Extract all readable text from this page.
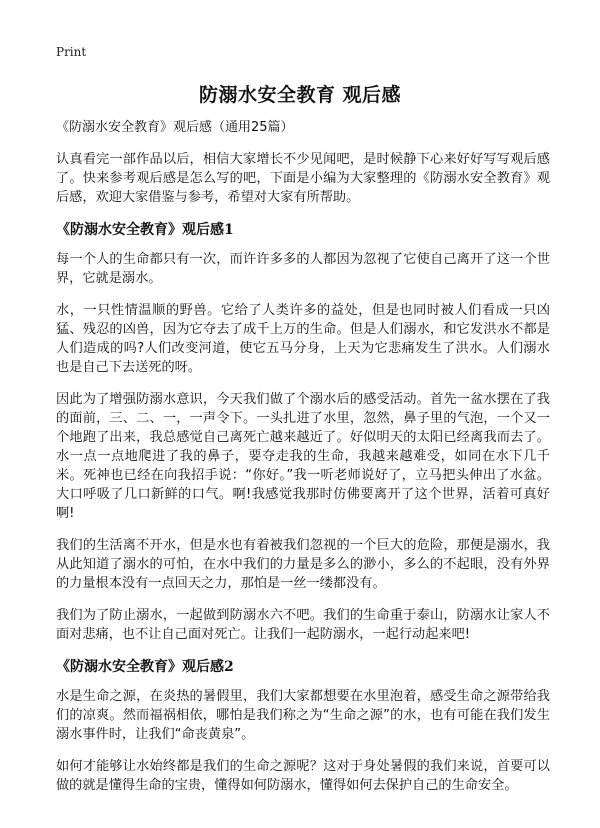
Print
防溺水安全教育 观后感
《防溺水安全教育》观后感（通用25篇）

认真看完一部作品以后，相信大家增长不少见闻吧，是时候静下心来好好写写观后感了。快来参考观后感是怎么写的吧，下面是小编为大家整理的《防溺水安全教育》观后感，欢迎大家借鉴与参考，希望对大家有所帮助。

《防溺水安全教育》观后感1

每一个人的生命都只有一次，而许许多多的人都因为忽视了它使自己离开了这一个世界，它就是溺水。

水，一只性情温顺的野兽。它给了人类许多的益处，但是也同时被人们看成一只凶猛、残忍的凶兽，因为它夺去了成千上万的生命。但是人们溺水，和它发洪水不都是人们造成的吗?人们改变河道，使它五马分身，上天为它悲痛发生了洪水。人们溺水也是自己下去送死的呀。

因此为了增强防溺水意识，今天我们做了个溺水后的感受活动。首先一盆水摆在了我的面前，三、二、一，一声令下。一头扎进了水里，忽然，鼻子里的气泡，一个又一个地跑了出来，我总感觉自己离死亡越来越近了。好似明天的太阳已经离我而去了。水一点一点地爬进了我的鼻子，要夺走我的生命，我越来越难受，如同在水下几千米。死神也已经在向我招手说：“你好。”我一听老师说好了，立马把头伸出了水盆。大口呼吸了几口新鲜的口气。啊!我感觉我那时仿佛要离开了这个世界，活着可真好啊!

我们的生活离不开水，但是水也有着被我们忽视的一个巨大的危险，那便是溺水，我从此知道了溺水的可怕，在水中我们的力量是多么的渺小，多么的不起眼，没有外界的力量根本没有一点回天之力，那怕是一丝一缕都没有。

我们为了防止溺水，一起做到防溺水六不吧。我们的生命重于泰山，防溺水让家人不面对悲痛，也不让自己面对死亡。让我们一起防溺水，一起行动起来吧!

《防溺水安全教育》观后感2

水是生命之源，在炎热的暑假里，我们大家都想要在水里泡着，感受生命之源带给我们的凉爽。然而福祸相依，哪怕是我们称之为“生命之源”的水，也有可能在我们发生溺水事件时，让我们“命丧黄泉”。

如何才能够让水始终都是我们的生命之源呢？这对于身处暑假的我们来说，首要可以做的就是懂得生命的宝贵，懂得如何防溺水，懂得如何去保护自己的生命安全。
